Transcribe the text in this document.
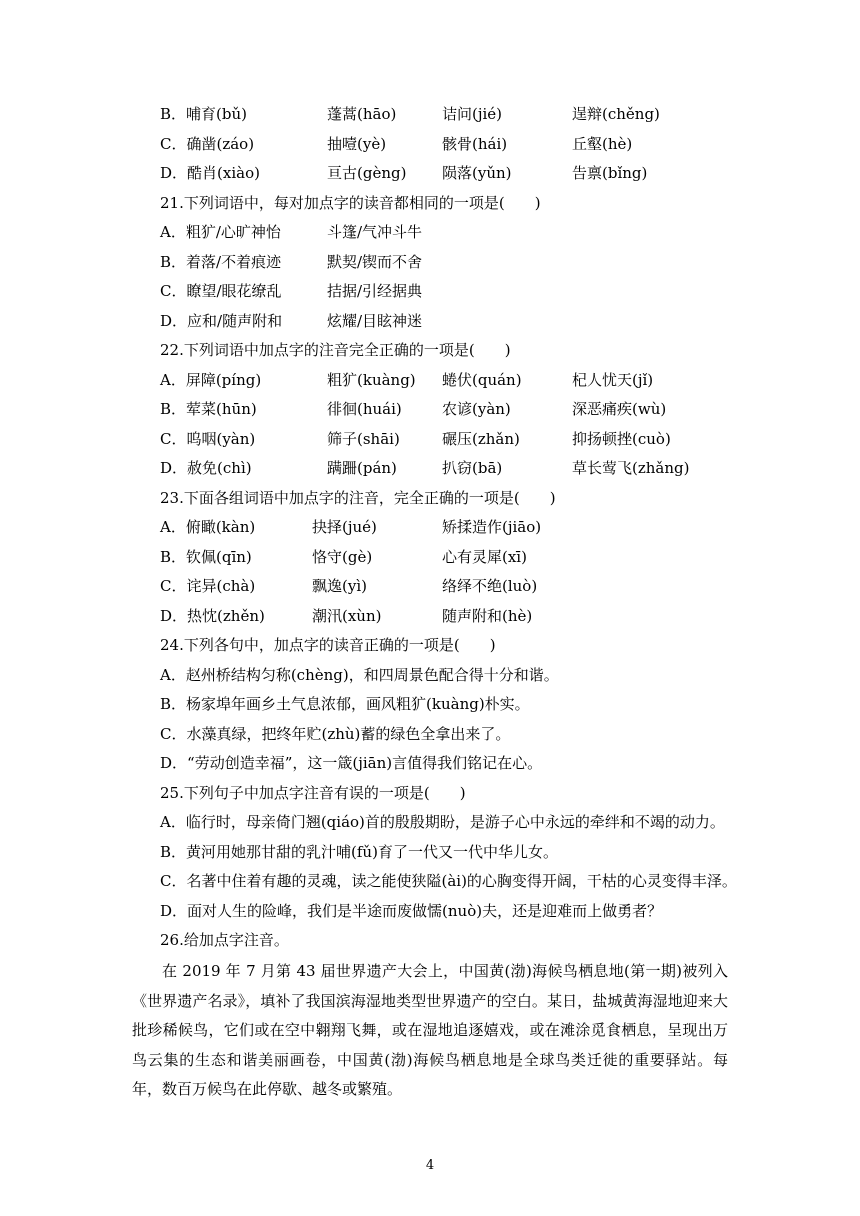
B．哺育(bǔ)	蓬蒿(hāo)	诘问(jié)	逞辩(chěng)
C．确凿(záo)	抽噎(yè)	骸骨(hái)	丘壑(hè)
D．酷肖(xiào)	亘古(gèng) 陨落(yǔn)	告禀(bǐng)
21.下列词语中，每对加点字的读音都相同的一项是(　　)
A．粗犷/心旷神怡	斗篷/气冲斗牛
B．着落/不着痕迹	默契/锲而不舍
C．瞭望/眼花缭乱	拮据/引经据典
D．应和/随声附和	炫耀/目眩神迷
22.下列词语中加点字的注音完全正确的一项是(　　)
A．屏障(píng)	粗犷(kuàng) 蜷伏(quán)	杞人忧天(jǐ)
B．荤菜(hūn)	徘徊(huái)	农谚(yàn)	深恶痛疾(wù)
C．呜咽(yàn)	筛子(shāi)	碾压(zhǎn)	抑扬顿挫(cuò)
D．赦免(chì)	蹒跚(pán)	扒窃(bā)	草长莺飞(zhǎng)
23.下面各组词语中加点字的注音，完全正确的一项是(　　)
A．俯瞰(kàn)	抉择(jué)	矫揉造作(jiāo)
B．钦佩(qīn)	恪守(gè)	心有灵犀(xī)
C．诧异(chà)	飘逸(yì)	络绎不绝(luò)
D．热忱(zhěn)	潮汛(xùn)	随声附和(hè)
24.下列各句中，加点字的读音正确的一项是(　　)
A．赵州桥结构匀称(chèng)，和四周景色配合得十分和谐。
B．杨家埠年画乡土气息浓郁，画风粗犷(kuàng)朴实。
C．水藻真绿，把终年贮(zhù)蓄的绿色全拿出来了。
D．“劳动创造幸福”，这一箴(jiān)言值得我们铭记在心。
25.下列句子中加点字注音有误的一项是(　　)
A．临行时，母亲倚门翘(qiáo)首的殷殷期盼，是游子心中永远的牵绊和不竭的动力。
B．黄河用她那甘甜的乳汁哺(fǔ)育了一代又一代中华儿女。
C．名著中住着有趣的灵魂，读之能使狭隘(ài)的心胸变得开阔，干枯的心灵变得丰泽。
D．面对人生的险峰，我们是半途而废做懦(nuò)夫，还是迎难而上做勇者？
26.给加点字注音。

在 2019 年 7 月第 43 届世界遗产大会上，中国黄(渤)海候鸟栖息地(第一期)被列入《世界遗产名录》，填补了我国滨海湿地类型世界遗产的空白。某日，盐城黄海湿地迎来大批珍稀候鸟，它们或在空中翱翔飞舞，或在湿地追逐嬉戏，或在滩涂觅食栖息，呈现出万鸟云集的生态和谐美丽画卷，中国黄(渤)海候鸟栖息地是全球鸟类迁徙的重要驿站。每年，数百万候鸟在此停歇、越冬或繁殖。

4
